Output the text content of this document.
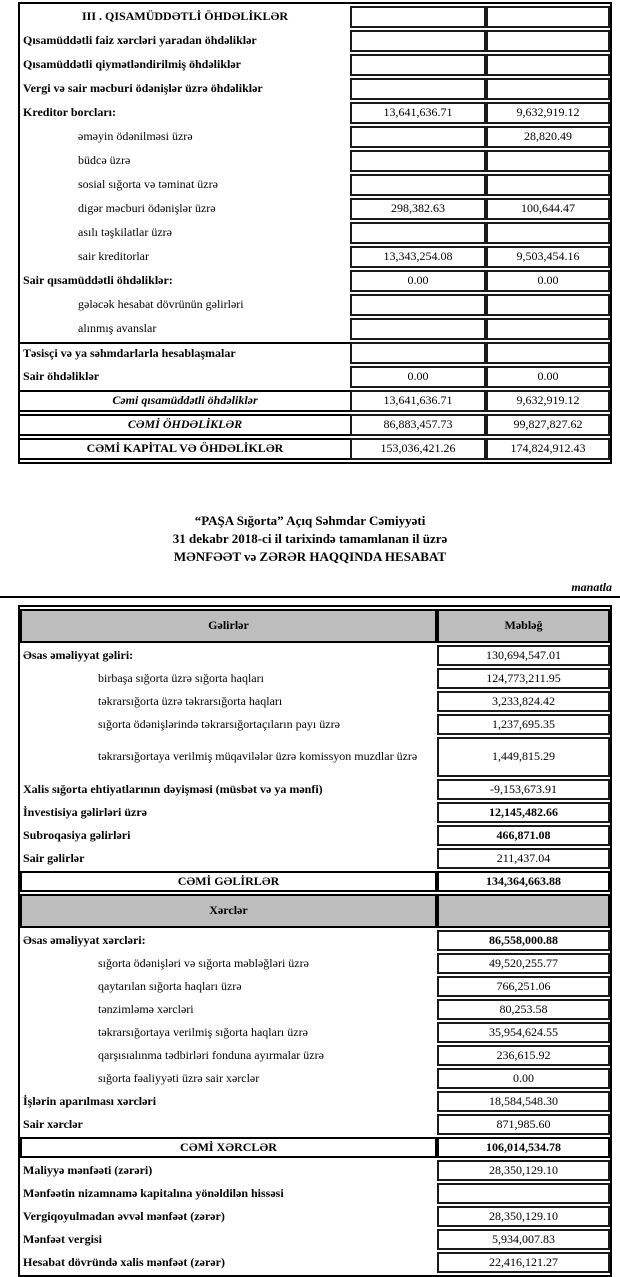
III . QISAMÜDDƏTLİ ÖHDƏLİKLƏR		
Qısamüddətli faiz xərcləri yaradan öhdəliklər		
Qısamüddətli qiymətləndirilmiş öhdəliklər		
Vergi və sair məcburi ödənişlər üzrə öhdəliklər		
Kreditor borcları:	13,641,636.71	9,632,919.12
əməyin ödənilməsi üzrə		28,820.49
büdcə üzrə		
sosial sığorta və təminat üzrə		
digər məcburi ödənişlər üzrə	298,382.63	100,644.47
asılı təşkilatlar üzrə		
sair kreditorlar	13,343,254.08	9,503,454.16
Sair qısamüddətli öhdəliklər:	0.00	0.00
gələcək hesabat dövrünün gəlirləri		
alınmış avanslar		
Təsisçi və ya səhmdarlarla hesablaşmalar		
Sair öhdəliklər	0.00	0.00
Cəmi qısamüddətli öhdəliklər	13,641,636.71	9,632,919.12
CƏMİ ÖHDƏLİKLƏR	86,883,457.73	99,827,827.62
CƏMİ KAPİTAL VƏ ÖHDƏLİKLƏR	153,036,421.26	174,824,912.43
“PAŞA Sığorta” Açıq Səhmdar Cəmiyyəti
31 dekabr 2018-ci il tarixində tamamlanan il üzrə
MƏNFƏƏT və ZƏRƏR HAQQINDA HESABAT
manatla
Gəlirlər	Məbləğ
Əsas əməliyyat gəliri:	130,694,547.01
birbaşa sığorta üzrə sığorta haqları	124,773,211.95
təkrarsığorta üzrə təkrarsığorta haqları	3,233,824.42
sığorta ödənişlərində təkrarsığortaçıların payı üzrə	1,237,695.35
təkrarsığortaya verilmiş müqavilələr üzrə komissyon muzdlar üzrə	1,449,815.29
Xalis sığorta ehtiyatlarının dəyişməsi (müsbət və ya mənfi)	-9,153,673.91
İnvestisiya gəlirləri üzrə	12,145,482.66
Subroqasiya gəlirləri	466,871.08
Sair gəlirlər	211,437.04
CƏMİ GƏLİRLƏR	134,364,663.88
Xərclər	
Əsas əməliyyat xərcləri:	86,558,000.88
sığorta ödənişləri və sığorta məbləğləri üzrə	49,520,255.77
qaytarılan sığorta haqları üzrə	766,251.06
tənzimləmə xərcləri	80,253.58
təkrarsığortaya verilmiş sığorta haqları üzrə	35,954,624.55
qarşısıalınma tədbirləri fonduna ayırmalar üzrə	236,615.92
sığorta fəaliyyəti üzrə sair xərclər	0.00
İşlərin aparılması xərcləri	18,584,548.30
Sair xərclər	871,985.60
CƏMİ XƏRCLƏR	106,014,534.78
Maliyyə mənfəəti (zərəri)	28,350,129.10
Mənfəətin nizamnamə kapitalına yönəldilən hissəsi	
Vergiqoyulmadan əvvəl mənfəət (zərər)	28,350,129.10
Mənfəət vergisi	5,934,007.83
Hesabat dövründə xalis mənfəət (zərər)	22,416,121.27
